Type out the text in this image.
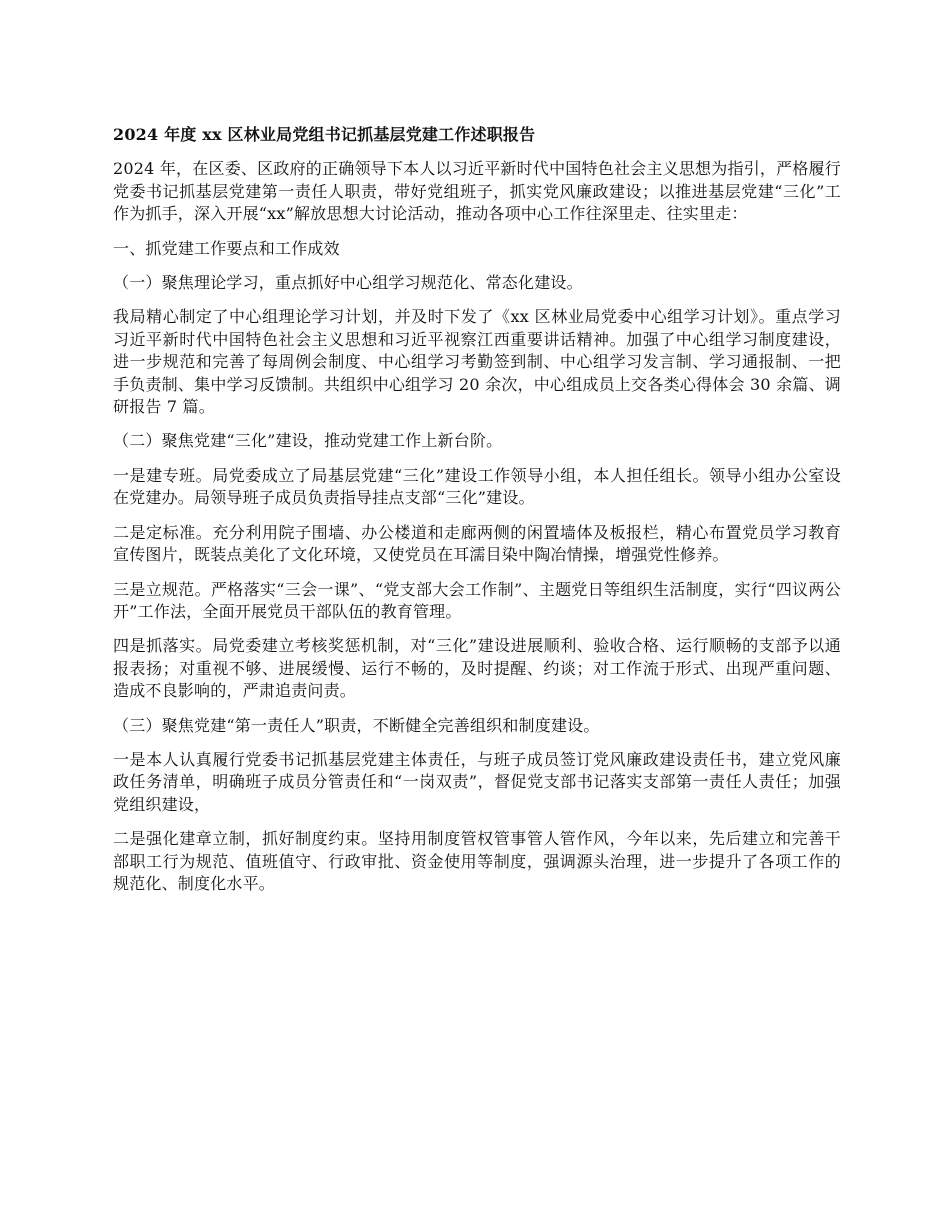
2024 年度 xx 区林业局党组书记抓基层党建工作述职报告

2024 年，在区委、区政府的正确领导下本人以习近平新时代中国特色社会主义思想为指引，严格履行党委书记抓基层党建第一责任人职责，带好党组班子，抓实党风廉政建设；以推进基层党建“三化”工作为抓手，深入开展“xx”解放思想大讨论活动，推动各项中心工作往深里走、往实里走：

一、抓党建工作要点和工作成效

（一）聚焦理论学习，重点抓好中心组学习规范化、常态化建设。

我局精心制定了中心组理论学习计划，并及时下发了《xx 区林业局党委中心组学习计划》。重点学习习近平新时代中国特色社会主义思想和习近平视察江西重要讲话精神。加强了中心组学习制度建设，进一步规范和完善了每周例会制度、中心组学习考勤签到制、中心组学习发言制、学习通报制、一把手负责制、集中学习反馈制。共组织中心组学习 20 余次，中心组成员上交各类心得体会 30 余篇、调研报告 7 篇。

（二）聚焦党建“三化”建设，推动党建工作上新台阶。

一是建专班。局党委成立了局基层党建“三化”建设工作领导小组，本人担任组长。领导小组办公室设在党建办。局领导班子成员负责指导挂点支部“三化”建设。

二是定标准。充分利用院子围墙、办公楼道和走廊两侧的闲置墙体及板报栏，精心布置党员学习教育宣传图片，既装点美化了文化环境，又使党员在耳濡目染中陶冶情操，增强党性修养。

三是立规范。严格落实“三会一课”、“党支部大会工作制”、主题党日等组织生活制度，实行“四议两公开”工作法，全面开展党员干部队伍的教育管理。

四是抓落实。局党委建立考核奖惩机制，对“三化”建设进展顺利、验收合格、运行顺畅的支部予以通报表扬；对重视不够、进展缓慢、运行不畅的，及时提醒、约谈；对工作流于形式、出现严重问题、造成不良影响的，严肃追责问责。

（三）聚焦党建“第一责任人”职责，不断健全完善组织和制度建设。

一是本人认真履行党委书记抓基层党建主体责任，与班子成员签订党风廉政建设责任书，建立党风廉政任务清单，明确班子成员分管责任和“一岗双责”，督促党支部书记落实支部第一责任人责任；加强党组织建设，

二是强化建章立制，抓好制度约束。坚持用制度管权管事管人管作风，今年以来，先后建立和完善干部职工行为规范、值班值守、行政审批、资金使用等制度，强调源头治理，进一步提升了各项工作的规范化、制度化水平。
